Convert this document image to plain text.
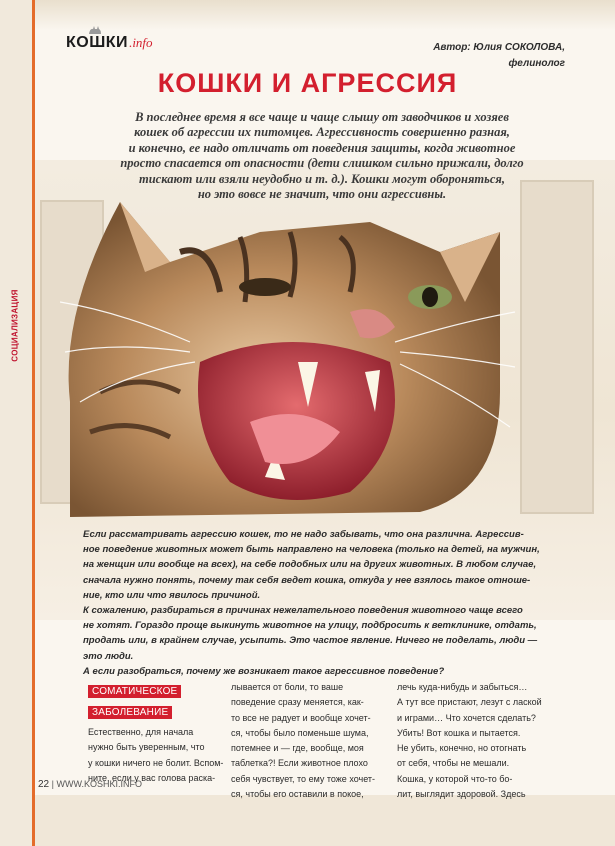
СОЦИАЛИЗАЦИЯ
КОШКИ .info	Автор: Юлия СОКОЛОВА,
фелинолог
КОШКИ И АГРЕССИЯ

В последнее время я все чаще и чаще слышу от заводчиков и хозяев

кошек об агрессии их питомцев. Агрессивность совершенно разная,

и конечно, ее надо отличать от поведения защиты, когда животное

просто спасается от опасности (дети слишком сильно прижали, долго

тискают или взяли неудобно и т. д.). Кошки могут обороняться,

но это вовсе не значит, что они агрессивны.

Если рассматривать агрессию кошек, то не надо забывать, что она различна. Агрессив-

ное поведение животных может быть направлено на человека (только на детей, на мужчин,

на женщин или вообще на всех), на себе подобных или на других животных. В любом случае,

сначала нужно понять, почему так себя ведет кошка, откуда у нее взялось такое отноше-

ние, кто или что явилось причиной.

К сожалению, разбираться в причинах нежелательного поведения животного чаще всего

не хотят. Гораздо проще выкинуть животное на улицу, подбросить к ветклинике, отдать,

продать или, в крайнем случае, усыпить. Это частое явление. Ничего не поделать, люди —

это люди.

А если разобраться, почему же возникает такое агрессивное поведение?

СОМАТИЧЕСКОЕ ЗАБОЛЕВАНИЕ

Естественно, для начала

нужно быть уверенным, что

у кошки ничего не болит. Вспом-

ните, если у вас голова раска-

лывается от боли, то ваше

поведение сразу меняется, как-

то все не радует и вообще хочет-

ся, чтобы было поменьше шума,

потемнее и — где, вообще, моя

таблетка?! Если животное плохо

себя чувствует, то ему тоже хочет-

ся, чтобы его оставили в покое,

лечь куда-нибудь и забыться…

А тут все пристают, лезут с лаской

и играми… Что хочется сделать?

Убить! Вот кошка и пытается.

Не убить, конечно, но отогнать

от себя, чтобы не мешали.

Кошка, у которой что-то бо-

лит, выглядит здоровой. Здесь

22 | WWW.KOSHKI.INFO
